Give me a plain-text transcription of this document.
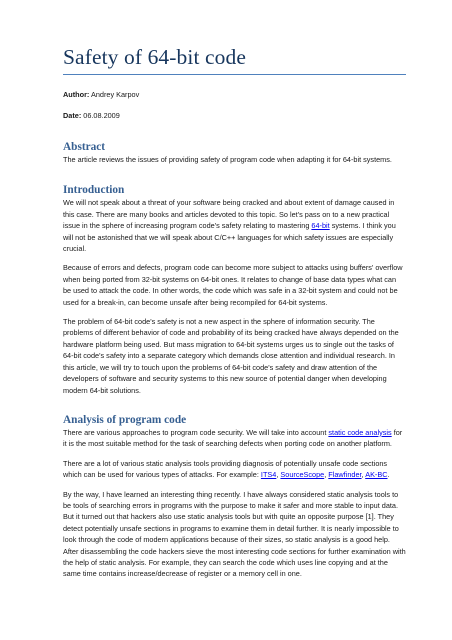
Safety of 64-bit code

Author: Andrey Karpov

Date: 06.08.2009

Abstract

The article reviews the issues of providing safety of program code when adapting it for 64-bit systems.

Introduction

We will not speak about a threat of your software being cracked and about extent of damage caused in this case. There are many books and articles devoted to this topic. So let's pass on to a new practical issue in the sphere of increasing program code's safety relating to mastering 64-bit systems. I think you will not be astonished that we will speak about C/C++ languages for which safety issues are especially crucial.

Because of errors and defects, program code can become more subject to attacks using buffers' overflow when being ported from 32-bit systems on 64-bit ones. It relates to change of base data types what can be used to attack the code. In other words, the code which was safe in a 32-bit system and could not be used for a break-in, can become unsafe after being recompiled for 64-bit systems.

The problem of 64-bit code's safety is not a new aspect in the sphere of information security. The problems of different behavior of code and probability of its being cracked have always depended on the hardware platform being used. But mass migration to 64-bit systems urges us to single out the tasks of 64-bit code's safety into a separate category which demands close attention and individual research. In this article, we will try to touch upon the problems of 64-bit code's safety and draw attention of the developers of software and security systems to this new source of potential danger when developing modern 64-bit solutions.

Analysis of program code

There are various approaches to program code security. We will take into account static code analysis for it is the most suitable method for the task of searching defects when porting code on another platform.

There are a lot of various static analysis tools providing diagnosis of potentially unsafe code sections which can be used for various types of attacks. For example: ITS4, SourceScope, Flawfinder, AK-BC.

By the way, I have learned an interesting thing recently. I have always considered static analysis tools to be tools of searching errors in programs with the purpose to make it safer and more stable to input data. But it turned out that hackers also use static analysis tools but with quite an opposite purpose [1]. They detect potentially unsafe sections in programs to examine them in detail further. It is nearly impossible to look through the code of modern applications because of their sizes, so static analysis is a good help. After disassembling the code hackers sieve the most interesting code sections for further examination with the help of static analysis. For example, they can search the code which uses line copying and at the same time contains increase/decrease of register or a memory cell in one.
